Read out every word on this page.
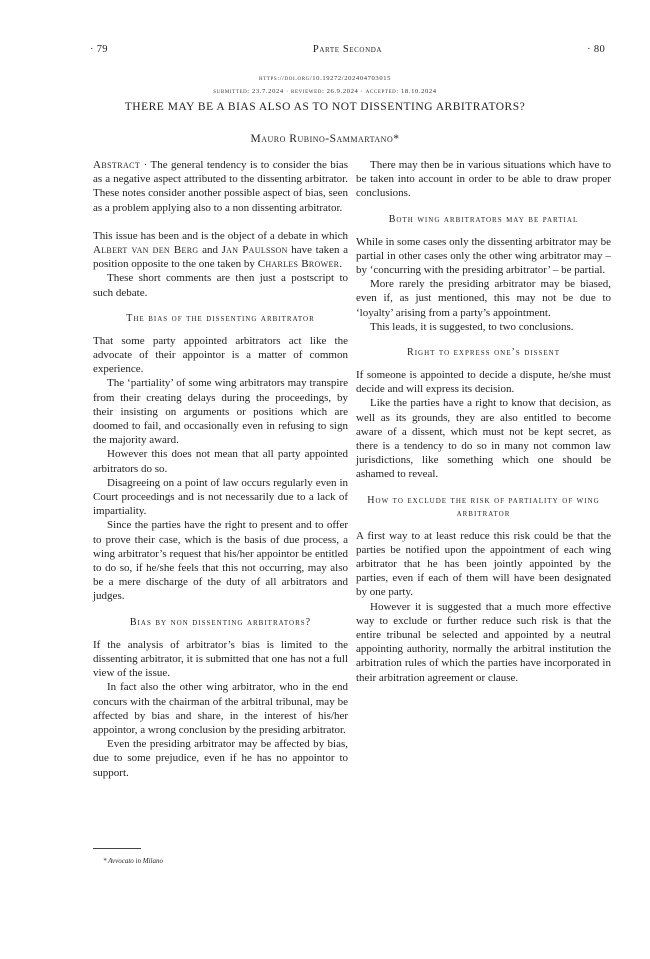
· 79	Parte Seconda	· 80
https://doi.org/10.19272/202404703015
submitted: 23.7.2024 · reviewed: 26.9.2024 · accepted: 18.10.2024
THERE MAY BE A BIAS ALSO AS TO NOT DISSENTING ARBITRATORS?
Mauro Rubino-Sammartano*

Abstract · The general tendency is to consider the bias as a negative aspect attributed to the dissenting arbitrator. These notes consider another possible aspect of bias, seen as a problem applying also to a non dissenting arbitrator.

This issue has been and is the object of a debate in which Albert van den Berg and Jan Paulsson have taken a position opposite to the one taken by Charles Brower.

These short comments are then just a postscript to such debate.

The bias of the dissenting arbitrator

That some party appointed arbitrators act like the advocate of their appointor is a matter of common experience.

The ‘partiality’ of some wing arbitrators may transpire from their creating delays during the proceedings, by their insisting on arguments or positions which are doomed to fail, and occasionally even in refusing to sign the majority award.

However this does not mean that all party appointed arbitrators do so.

Disagreeing on a point of law occurs regularly even in Court proceedings and is not necessarily due to a lack of impartiality.

Since the parties have the right to present and to offer to prove their case, which is the basis of due process, a wing arbitrator’s request that his/her appointor be entitled to do so, if he/she feels that this not occurring, may also be a mere discharge of the duty of all arbitrators and judges.

Bias by non dissenting arbitrators?

If the analysis of arbitrator’s bias is limited to the dissenting arbitrator, it is submitted that one has not a full view of the issue.

In fact also the other wing arbitrator, who in the end concurs with the chairman of the arbitral tribunal, may be affected by bias and share, in the interest of his/her appointor, a wrong conclusion by the presiding arbitrator.

Even the presiding arbitrator may be affected by bias, due to some prejudice, even if he has no appointor to support.

There may then be in various situations which have to be taken into account in order to be able to draw proper conclusions.

Both wing arbitrators may be partial

While in some cases only the dissenting arbitrator may be partial in other cases only the other wing arbitrator may – by ‘concurring with the presiding arbitrator’ – be partial.

More rarely the presiding arbitrator may be biased, even if, as just mentioned, this may not be due to ‘loyalty’ arising from a party’s appointment.

This leads, it is suggested, to two conclusions.

Right to express one’s dissent

If someone is appointed to decide a dispute, he/she must decide and will express its decision.

Like the parties have a right to know that decision, as well as its grounds, they are also entitled to become aware of a dissent, which must not be kept secret, as there is a tendency to do so in many not common law jurisdictions, like something which one should be ashamed to reveal.

How to exclude the risk of partiality of wing arbitrator

A first way to at least reduce this risk could be that the parties be notified upon the appointment of each wing arbitrator that he has been jointly appointed by the parties, even if each of them will have been designated by one party.

However it is suggested that a much more effective way to exclude or further reduce such risk is that the entire tribunal be selected and appointed by a neutral appointing authority, normally the arbitral institution the arbitration rules of which the parties have incorporated in their arbitration agreement or clause.

* Avvocato in Milano
